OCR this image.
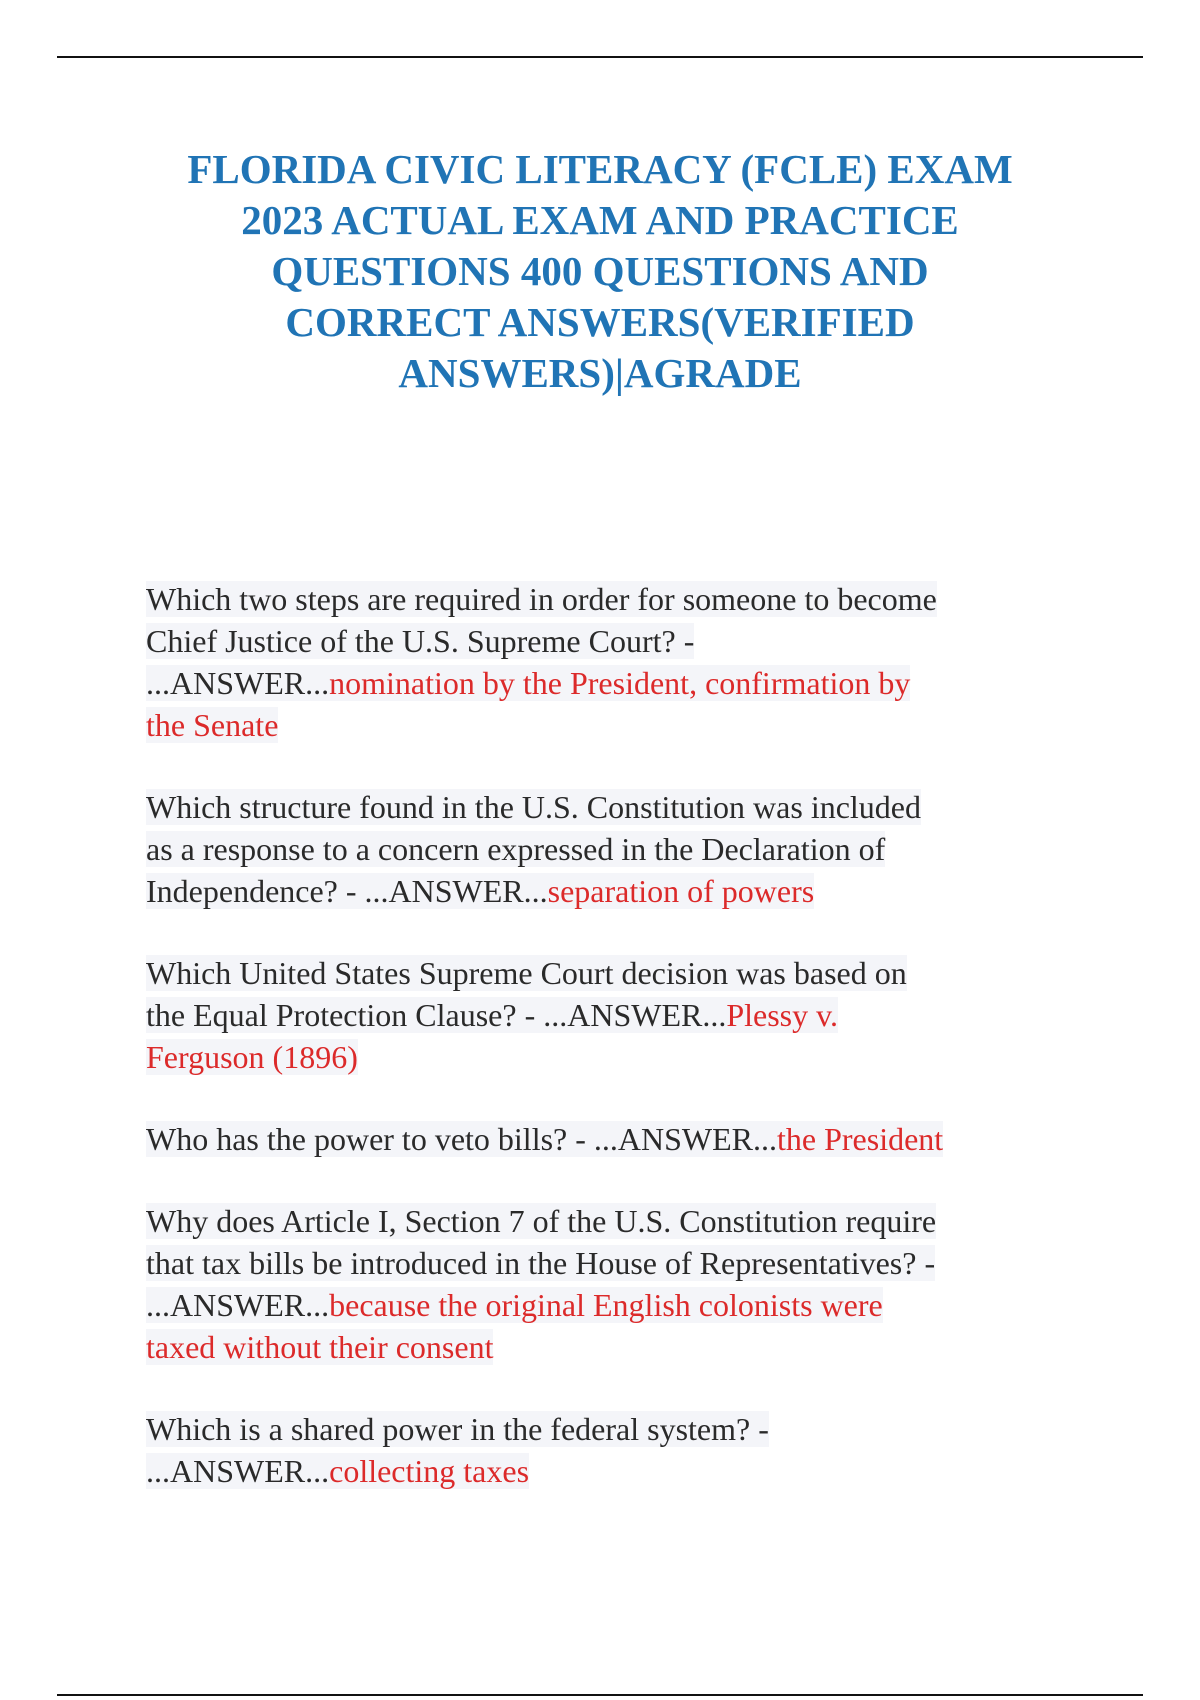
FLORIDA CIVIC LITERACY (FCLE) EXAM
2023 ACTUAL EXAM AND PRACTICE
QUESTIONS 400 QUESTIONS AND
CORRECT ANSWERS(VERIFIED
ANSWERS)|AGRADE

Which two steps are required in order for someone to become
Chief Justice of the U.S. Supreme Court? -
...ANSWER...nomination by the President, confirmation by
the Senate

Which structure found in the U.S. Constitution was included
as a response to a concern expressed in the Declaration of
Independence? - ...ANSWER...separation of powers

Which United States Supreme Court decision was based on
the Equal Protection Clause? - ...ANSWER...Plessy v.
Ferguson (1896)

Who has the power to veto bills? - ...ANSWER...the President

Why does Article I, Section 7 of the U.S. Constitution require
that tax bills be introduced in the House of Representatives? -
...ANSWER...because the original English colonists were
taxed without their consent

Which is a shared power in the federal system? -
...ANSWER...collecting taxes
